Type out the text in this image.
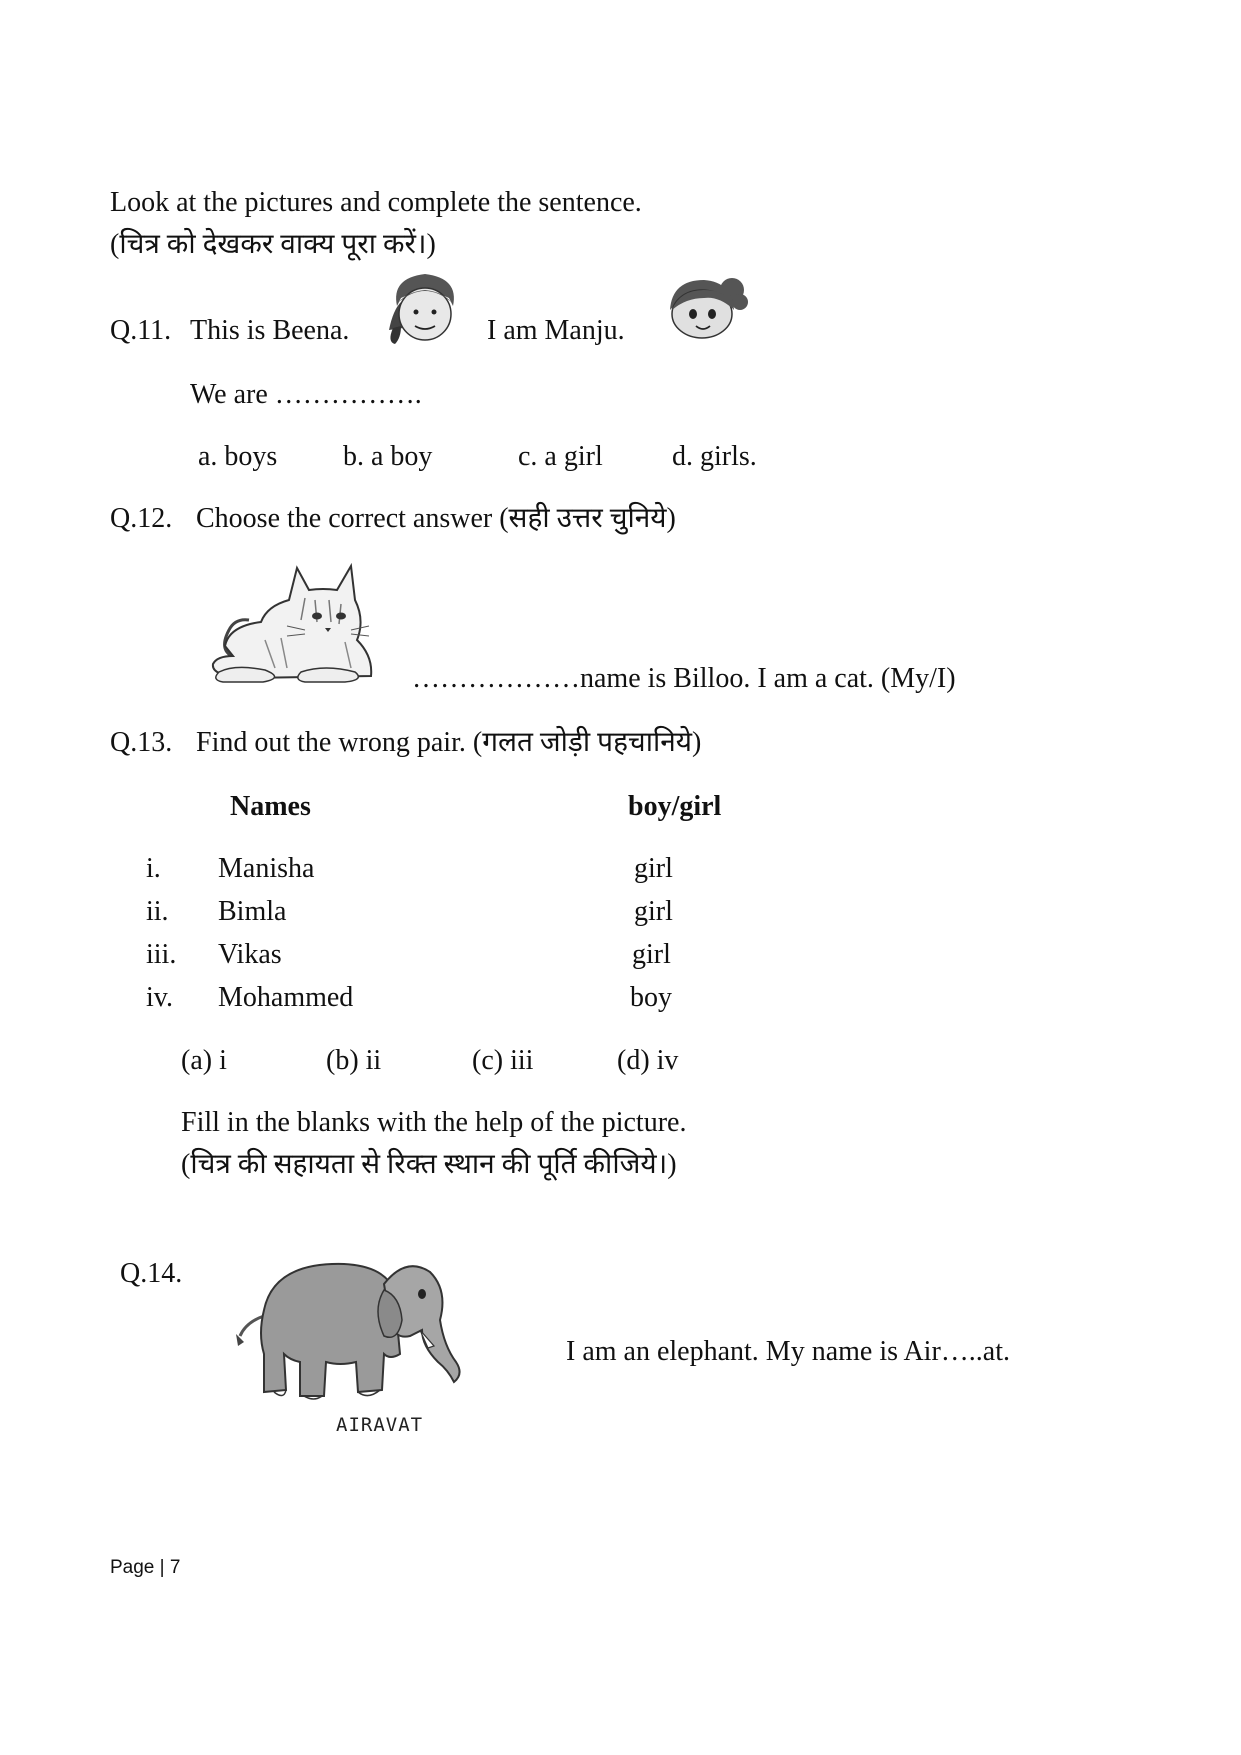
Look at the pictures and complete the sentence.
(चित्र को देखकर वाक्य पूरा करें।)
Q.11. This is Beena.	I am Manju.
We are …………….
a. boys b. a boy	c. a girl d. girls.
Q.12. Choose the correct answer (सही उत्तर चुनिये)
………………name is Billoo. I am a cat. (My/I)
Q.13. Find out the wrong pair. (गलत जोड़ी पहचानिये)
Names	boy/girl
i. Manisha	girl
ii. Bimla	girl
iii. Vikas	girl
iv. Mohammed	boy
(a) i	(b) ii	(c) iii	(d) iv
Fill in the blanks with the help of the picture.
(चित्र की सहायता से रिक्त स्थान की पूर्ति कीजिये।)
Q.14.
AIRAVAT
I am an elephant. My name is Air…..at.
Page | 7
